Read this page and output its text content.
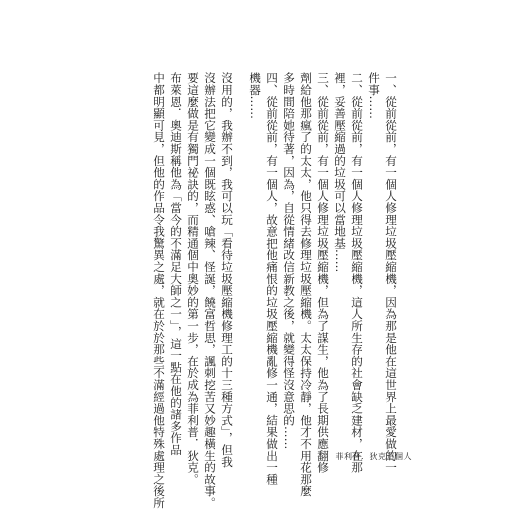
一、從前從前，有一個人修理垃圾壓縮機，因為那是他在這世界上最愛做的一
件事……
二、從前從前，有一個人修理垃圾壓縮機，這人所生存的社會缺乏建材，在那
裡，妥善壓縮過的垃圾可以當地基……
三、從前從前，有一個人修理垃圾壓縮機，但為了謀生，他為了長期供應翻修
劑給他那瘋了的太太，他只得去修理垃圾壓縮機。太太保持冷靜，他才不用花那麼
多時間陪她待著，因為，自從情緒改信新教之後，就變得怪沒意思的……
四、從前從前，有一個人，故意把他痛恨的垃圾壓縮機亂修一通，結果做出一種
機器……
沒用的，我辦不到，我可以玩「看待垃圾壓縮機修理工的十三種方式」，但我
沒辦法把它變成一個既眩惑、嗆辣、怪誕，饒富哲思，諷刺挖苦又妙趣橫生的故事。
要這麼做是有獨門祕訣的，而精通個中奧妙的第一步，在於成為菲利普．狄克。
布萊恩．奧迪斯稱他為「當今的不滿足大師之一」，這一點在他的諸多作品
中都明顯可見，但他的作品令我驚異之處，就在於於那些不滿經過他特殊處理之後所	菲利普．狄克這個人
